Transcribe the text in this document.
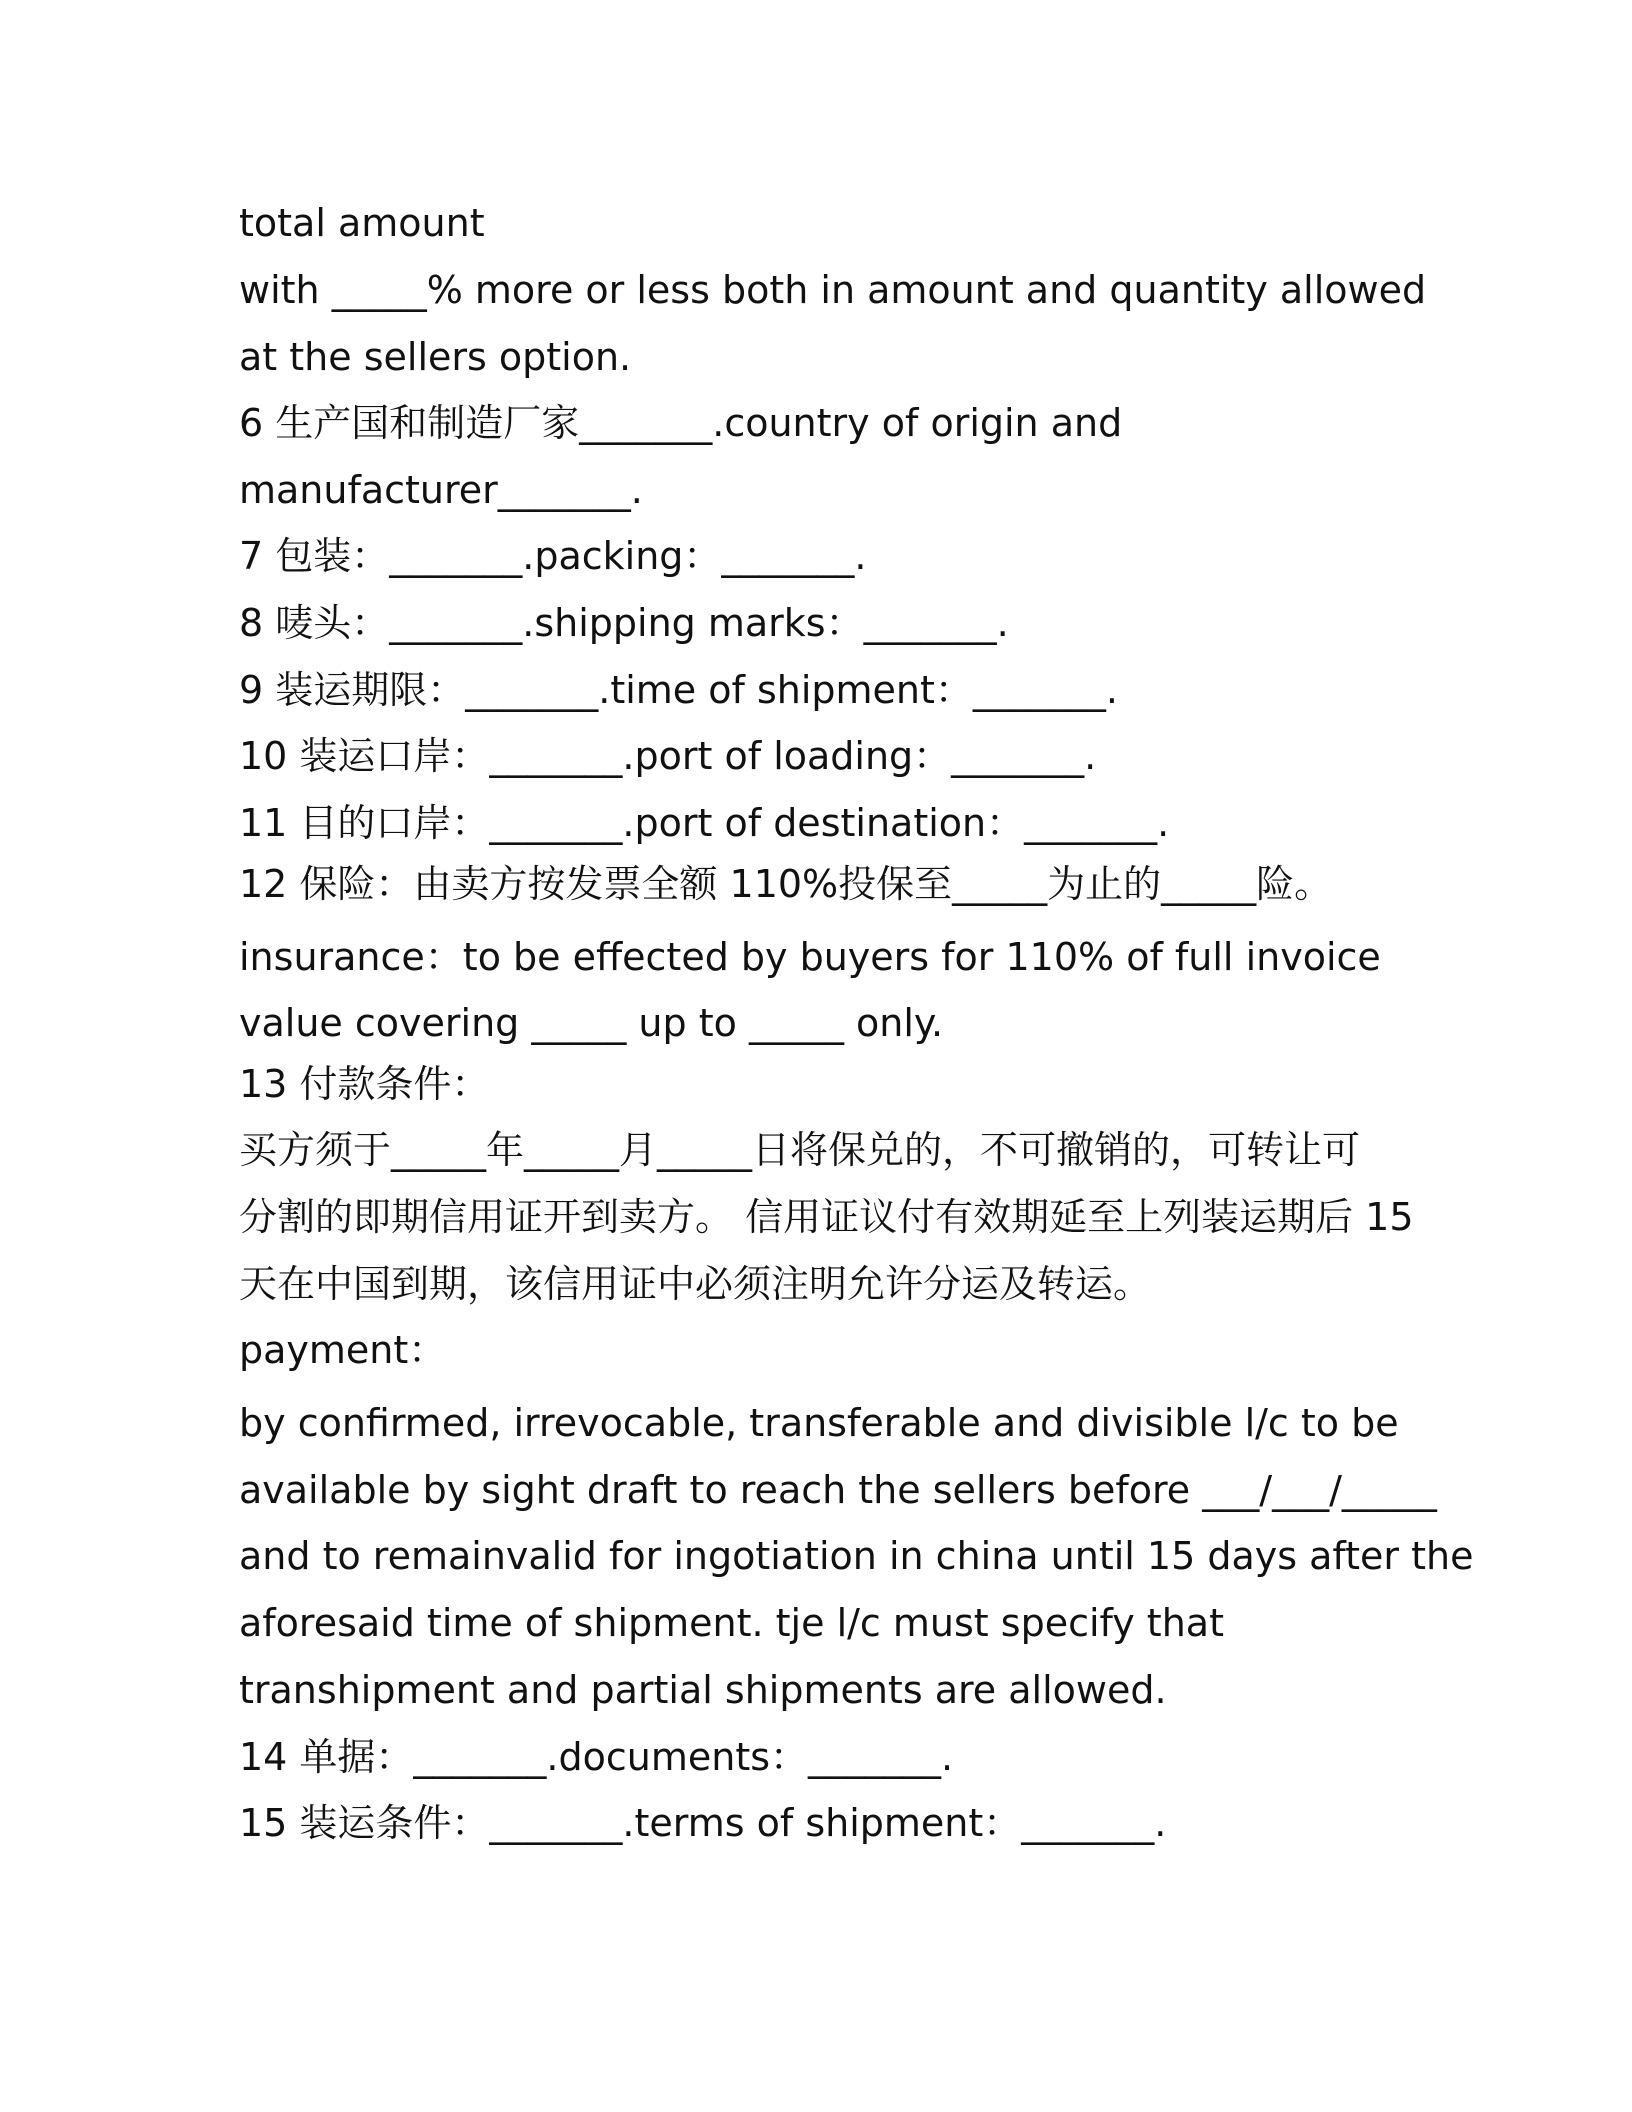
total amount

with _____% more or less both in amount and quantity allowed

at the sellers option.

6 生产国和制造厂家_______.country of origin and

manufacturer_______.

7 包装：_______.packing：_______.

8 唛头：_______.shipping marks：_______.

9 装运期限：_______.time of shipment：_______.

10 装运口岸：_______.port of loading：_______.

11 目的口岸：_______.port of destination：_______.

12 保险：由卖方按发票全额 110%投保至_____为止的_____险。

insurance：to be effected by buyers for 110% of full invoice

value covering _____ up to _____ only.

13 付款条件：

买方须于_____年_____月_____日将保兑的，不可撤销的，可转让可

分割的即期信用证开到卖方。 信用证议付有效期延至上列装运期后 15

天在中国到期，该信用证中必须注明允许分运及转运。

payment：

by confirmed, irrevocable, transferable and divisible l/c to be

available by sight draft to reach the sellers before ___/___/_____

and to remainvalid for ingotiation in china until 15 days after the

aforesaid time of shipment. tje l/c must specify that

transhipment and partial shipments are allowed.

14 单据：_______.documents：_______.

15 装运条件：_______.terms of shipment：_______.
